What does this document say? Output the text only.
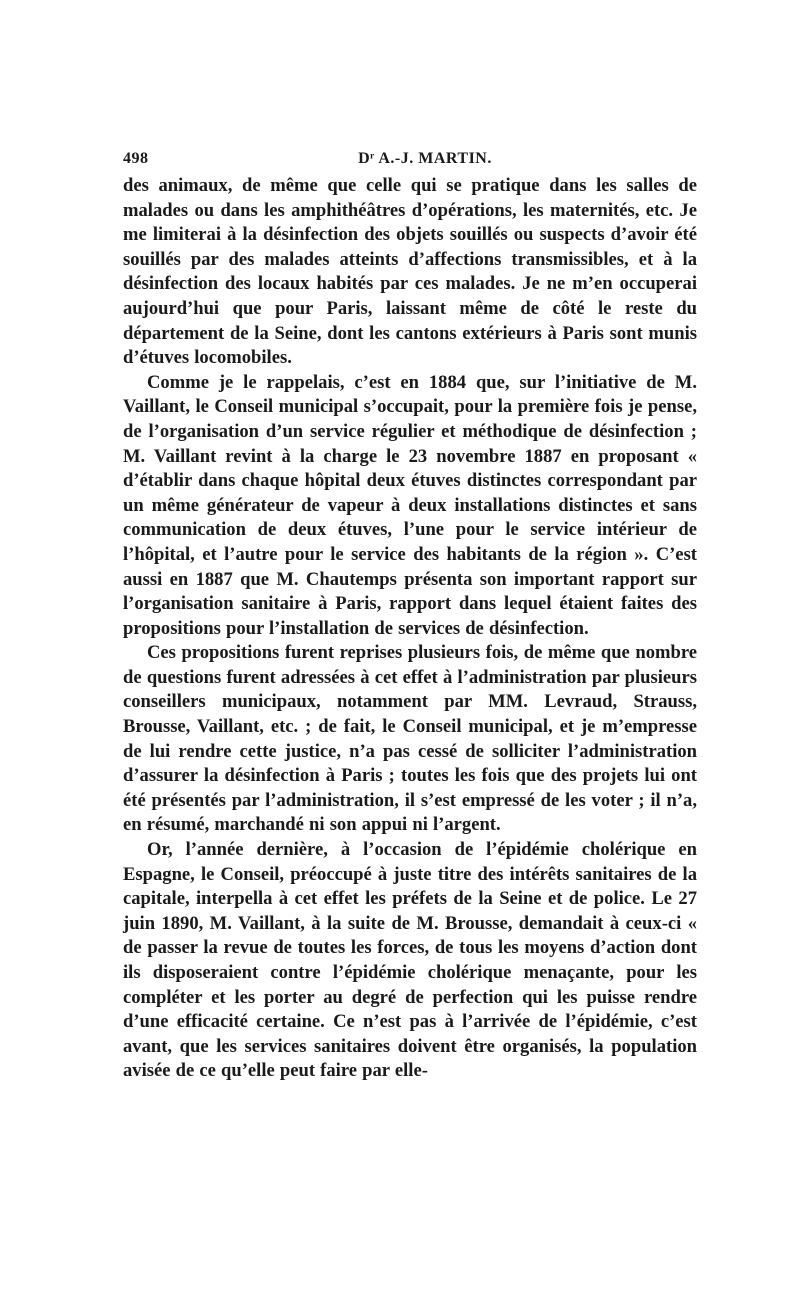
498	Dʳ A.-J. MARTIN.

des animaux, de même que celle qui se pratique dans les salles de malades ou dans les amphithéâtres d’opérations, les maternités, etc. Je me limiterai à la désinfection des objets souillés ou suspects d’avoir été souillés par des malades atteints d’affections transmissibles, et à la désinfection des locaux habités par ces malades. Je ne m’en occuperai aujourd’hui que pour Paris, laissant même de côté le reste du département de la Seine, dont les cantons extérieurs à Paris sont munis d’étuves locomobiles.

Comme je le rappelais, c’est en 1884 que, sur l’initiative de M. Vaillant, le Conseil municipal s’occupait, pour la première fois je pense, de l’organisation d’un service régulier et méthodique de désinfection ; M. Vaillant revint à la charge le 23 novembre 1887 en proposant « d’établir dans chaque hôpital deux étuves distinctes correspondant par un même générateur de vapeur à deux installations distinctes et sans communication de deux étuves, l’une pour le service intérieur de l’hôpital, et l’autre pour le service des habitants de la région ». C’est aussi en 1887 que M. Chautemps présenta son important rapport sur l’organisation sanitaire à Paris, rapport dans lequel étaient faites des propositions pour l’installation de services de désinfection.

Ces propositions furent reprises plusieurs fois, de même que nombre de questions furent adressées à cet effet à l’administration par plusieurs conseillers municipaux, notamment par MM. Levraud, Strauss, Brousse, Vaillant, etc. ; de fait, le Conseil municipal, et je m’empresse de lui rendre cette justice, n’a pas cessé de solliciter l’administration d’assurer la désinfection à Paris ; toutes les fois que des projets lui ont été présentés par l’administration, il s’est empressé de les voter ; il n’a, en résumé, marchandé ni son appui ni l’argent.

Or, l’année dernière, à l’occasion de l’épidémie cholérique en Espagne, le Conseil, préoccupé à juste titre des intérêts sanitaires de la capitale, interpella à cet effet les préfets de la Seine et de police. Le 27 juin 1890, M. Vaillant, à la suite de M. Brousse, demandait à ceux-ci « de passer la revue de toutes les forces, de tous les moyens d’action dont ils disposeraient contre l’épidémie cholérique menaçante, pour les compléter et les porter au degré de perfection qui les puisse rendre d’une efficacité certaine. Ce n’est pas à l’arrivée de l’épidémie, c’est avant, que les services sanitaires doivent être organisés, la population avisée de ce qu’elle peut faire par elle-
